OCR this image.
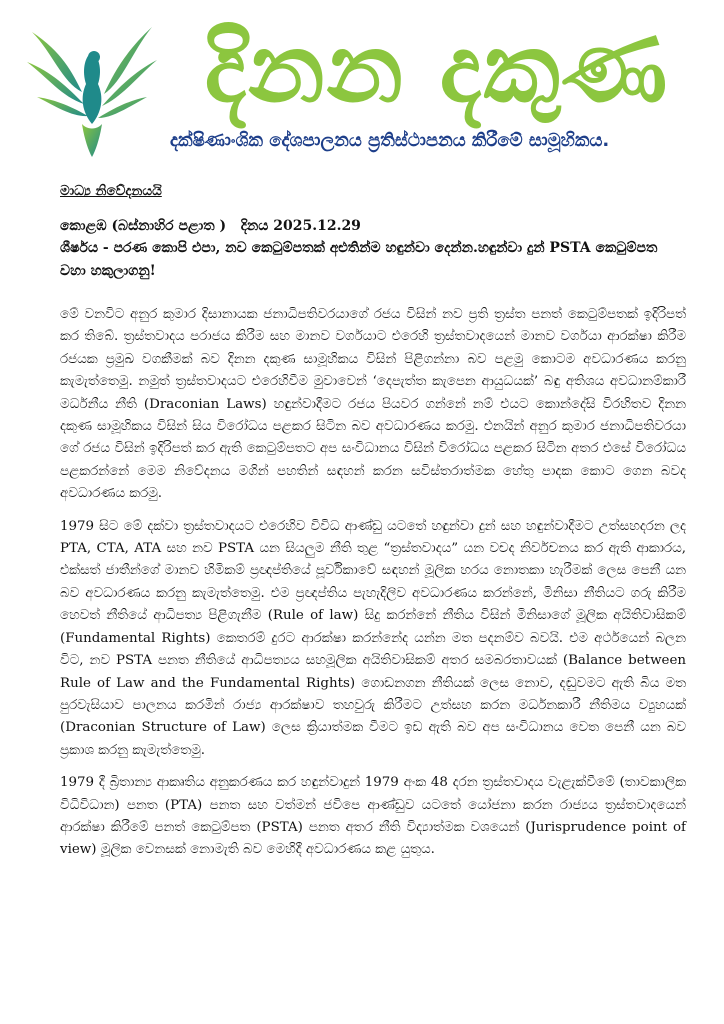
දිනන දකුණ
දක්ෂිණාංශික දේශපාලනය ප්‍රතිස්ථාපනය කිරීමේ සාමූහිකය.

මාධ්‍ය නිවේදනයයි

කොළඹ (බස්නාහිර පළාත ) දිනය 2025.12.29

ශීර්ෂය - පරණ කොපි එපා, නව කෙටුම්පතක් අළුතින්ම හඳුන්වා දෙන්න.හඳුන්වා දුන් PSTA කෙටුම්පත වහා හකුලාගනු!

මේ වනවිට අනුර කුමාර දිසානායක ජනාධිපතිවරයාගේ රජය විසින් නව ප්‍රති ත්‍රස්ත පනත් කෙටුම්පතක් ඉදිරිපත් කර තිබේ. ත්‍රස්තවාදය පරාජය කිරීම සහ මානව වර්ගයාට එරෙහි ත්‍රස්තවාදයෙන් මානව වර්ගයා ආරක්ෂා කිරීම රජයක ප්‍රමුඛ වගකීමක් බව දිනන දකුණ සාමූහිකය විසින් පිළිගන්නා බව පළමු කොටම අවධාරණය කරනු කැමැත්තෙමු. නමුත් ත්‍රස්තවාදයට එරෙහිවීම මුවාවෙන් ‘දෙපැත්ත කැපෙන ආයුධයක්’ බඳු අතිශය අවධානම්කාරී මර්ධනීය නීති (Draconian Laws) හඳුන්වාදීමට රජය පියවර ගන්නේ නම් එයට කොන්දේසි විරහිතව දිනන දකුණ සාමූහිකය විසින් සිය විරෝධය පළකර සිටින බව අවධාරණය කරමු. එනයින් අනුර කුමාර ජනාධිපතිවරයා ගේ රජය විසින් ඉදිරිපත් කර ඇති කෙටුම්පතට අප සංවිධානය විසින් විරෝධය පළකර සිටින අතර එසේ විරෝධය පළකරන්නේ මෙම නිවේදනය මගින් පහතින් සඳහන් කරන සවිස්තරාත්මක හේතු පාදක කොට ගෙන බවද අවධාරණය කරමු.

1979 සිට මේ දක්වා ත්‍රස්තවාදයට එරෙහිව විවිධ ආණ්ඩු යටතේ හඳුන්වා දුන් සහ හඳුන්වාදීමට උත්සහදරන ලද PTA, CTA, ATA සහ නව PSTA යන සියලුම නීති තුළ “ත්‍රස්තවාදය” යන වචද නිර්වචනය කර ඇති ආකාරය, එක්සත් ජාතීන්ගේ මානව හිමිකම් ප්‍රඥප්තියේ පූර්විකාවේ සඳහන් මූලික හරය නොතකා හැරීමක් ලෙස පෙනී යන බව අවධාරණය කරනු කැමැත්තෙමු. එම ප්‍රඥප්තිය පැහැදිලිව අවධාරණය කරන්නේ, මිනිසා නීතියට ගරු කිරීම හෙවත් නීතියේ ආධිපත්‍ය පිළිගැනීම (Rule of law) සිදු කරන්නේ නීතිය විසින් මිනිසාගේ මූලික අයිතිවාසිකම් (Fundamental Rights) කෙතරම් දුරට ආරක්ෂා කරන්නේද යන්න මත පදනම්ව බවයි. එම අර්ථයෙන් බලන විට, නව PSTA පනත නීතියේ ආධිපත්‍යය සහමූලික අයිතිවාසිකම් අතර සමබරතාවයක් (Balance between Rule of Law and the Fundamental Rights) ගොඩනගන නීතියක් ලෙස නොව, දඬුවමට ඇති බිය මත පුරවැසියාව පාලනය කරමින් රාජ්‍ය ආරක්ෂාව තහවුරු කිරීමට උත්සහ කරන මර්ධනකාරී නීතිමය ව්‍යුහයක් (Draconian Structure of Law) ලෙස ක්‍රියාත්මක වීමට ඉඩ ඇති බව අප සංවිධානය වෙත පෙනී යන බව ප්‍රකාශ කරනු කැමැත්තෙමු.

1979 දී බ්‍රිතාන්‍ය ආකෘතිය අනුකරණය කර හඳුන්වාදුන් 1979 අංක 48 දරන ත්‍රස්තවාදය වැළැක්වීමේ (තාවකාලික විධිවිධාන) පනත (PTA) පනත සහ වත්මන් ජවිපෙ ආණ්ඩුව යටතේ යෝජනා කරන රාජ්‍යය ත්‍රස්තවාදයෙන් ආරක්ෂා කිරීමේ පනත් කෙටුම්පත (PSTA) පනත අතර නීති විද්‍යාත්මක වශයෙන් (Jurisprudence point of view) මූලික වෙනසක් නොමැති බව මෙහිදී අවධාරණය කළ යුතුය.
